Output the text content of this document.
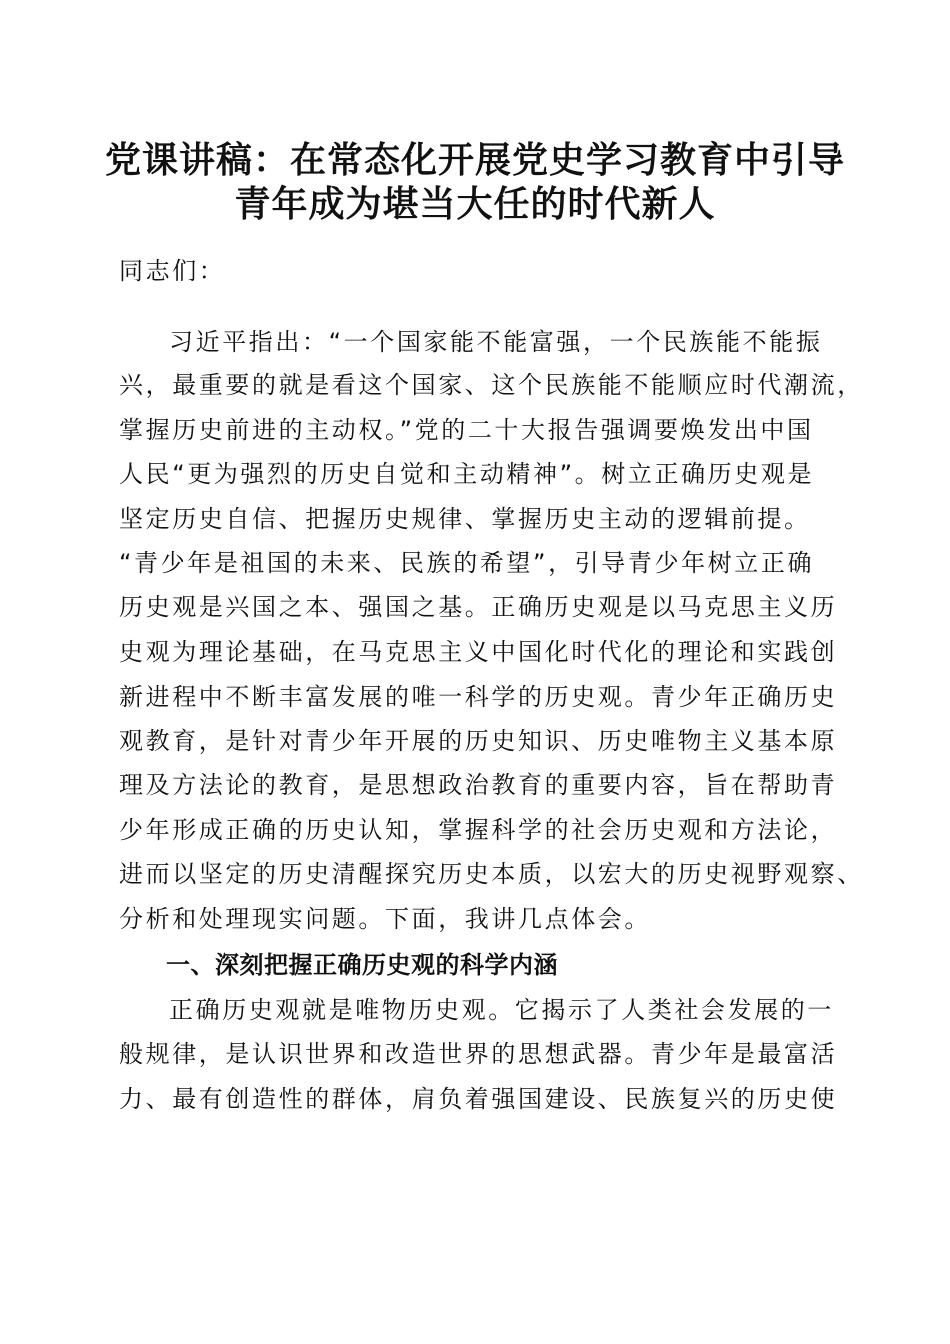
党课讲稿：在常态化开展党史学习教育中引导
青年成为堪当大任的时代新人
同志们：
习近平指出：“一个国家能不能富强，一个民族能不能振
兴，最重要的就是看这个国家、这个民族能不能顺应时代潮流，
掌握历史前进的主动权。”党的二十大报告强调要焕发出中国
人民“更为强烈的历史自觉和主动精神”。树立正确历史观是
坚定历史自信、把握历史规律、掌握历史主动的逻辑前提。
“青少年是祖国的未来、民族的希望”，引导青少年树立正确
历史观是兴国之本、强国之基。正确历史观是以马克思主义历
史观为理论基础，在马克思主义中国化时代化的理论和实践创
新进程中不断丰富发展的唯一科学的历史观。青少年正确历史
观教育，是针对青少年开展的历史知识、历史唯物主义基本原
理及方法论的教育，是思想政治教育的重要内容，旨在帮助青
少年形成正确的历史认知，掌握科学的社会历史观和方法论，
进而以坚定的历史清醒探究历史本质，以宏大的历史视野观察、
分析和处理现实问题。下面，我讲几点体会。
一、深刻把握正确历史观的科学内涵
正确历史观就是唯物历史观。它揭示了人类社会发展的一
般规律，是认识世界和改造世界的思想武器。青少年是最富活
力、最有创造性的群体，肩负着强国建设、民族复兴的历史使
